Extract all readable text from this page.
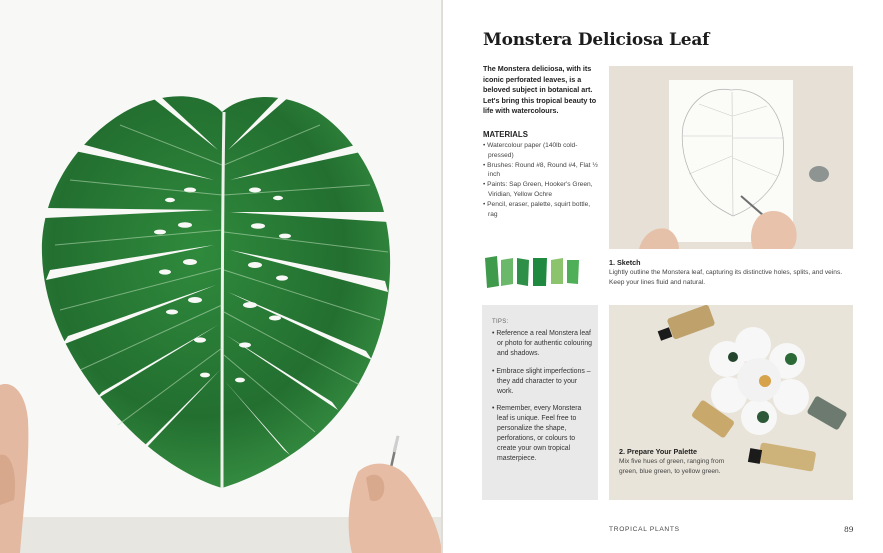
Monstera Deliciosa Leaf

The Monstera deliciosa, with its iconic perforated leaves, is a beloved subject in botanical art. Let's bring this tropical beauty to life with watercolours.

MATERIALS
• Watercolour paper (140lb cold-pressed)
• Brushes: Round #8, Round #4, Flat ½ inch
• Paints: Sap Green, Hooker's Green, Viridian, Yellow Ochre
• Pencil, eraser, palette, squirt bottle, rag
1. Sketch
Lightly outline the Monstera leaf, capturing its distinctive holes, splits, and veins. Keep your lines fluid and natural.
TIPS:
• Reference a real Monstera leaf or photo for authentic colouring and shadows.
• Embrace slight imperfections – they add character to your work.
• Remember, every Monstera leaf is unique. Feel free to personalize the shape, perforations, or colours to create your own tropical masterpiece.
2. Prepare Your Palette
Mix five hues of green, ranging from green, blue green, to yellow green.
TROPICAL PLANTS	89
